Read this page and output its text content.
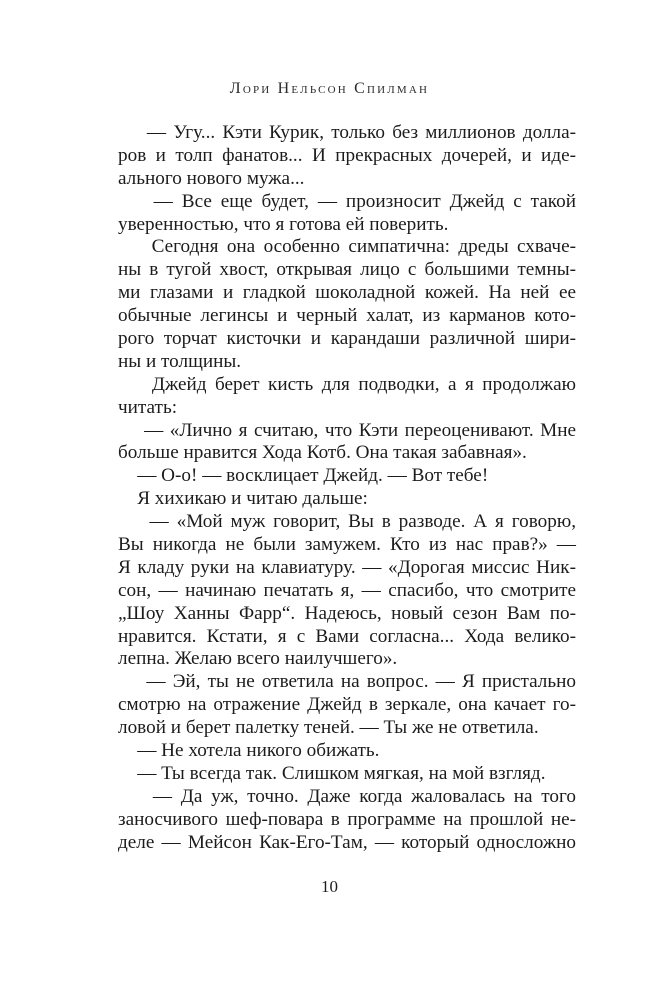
Лори Нельсон Спилман
— Угу... Кэти Курик, только без миллионов долла-
ров и толп фанатов... И прекрасных дочерей, и иде-
ального нового мужа...
— Все еще будет, — произносит Джейд с такой
уверенностью, что я готова ей поверить.
Сегодня она особенно симпатична: дреды схваче-
ны в тугой хвост, открывая лицо с большими темны-
ми глазами и гладкой шоколадной кожей. На ней ее
обычные легинсы и черный халат, из карманов кото-
рого торчат кисточки и карандаши различной шири-
ны и толщины.
Джейд берет кисть для подводки, а я продолжаю
читать:
— «Лично я считаю, что Кэти переоценивают. Мне
больше нравится Хода Котб. Она такая забавная».
— О-о! — восклицает Джейд. — Вот тебе!
Я хихикаю и читаю дальше:
— «Мой муж говорит, Вы в разводе. А я говорю,
Вы никогда не были замужем. Кто из нас прав?» —
Я кладу руки на клавиатуру. — «Дорогая миссис Ник-
сон, — начинаю печатать я, — спасибо, что смотрите
„Шоу Ханны Фарр“. Надеюсь, новый сезон Вам по-
нравится. Кстати, я с Вами согласна... Хода велико-
лепна. Желаю всего наилучшего».
— Эй, ты не ответила на вопрос. — Я пристально
смотрю на отражение Джейд в зеркале, она качает го-
ловой и берет палетку теней. — Ты же не ответила.
— Не хотела никого обижать.
— Ты всегда так. Слишком мягкая, на мой взгляд.
— Да уж, точно. Даже когда жаловалась на того
заносчивого шеф-повара в программе на прошлой не-
деле — Мейсон Как-Его-Там, — который односложно
10
